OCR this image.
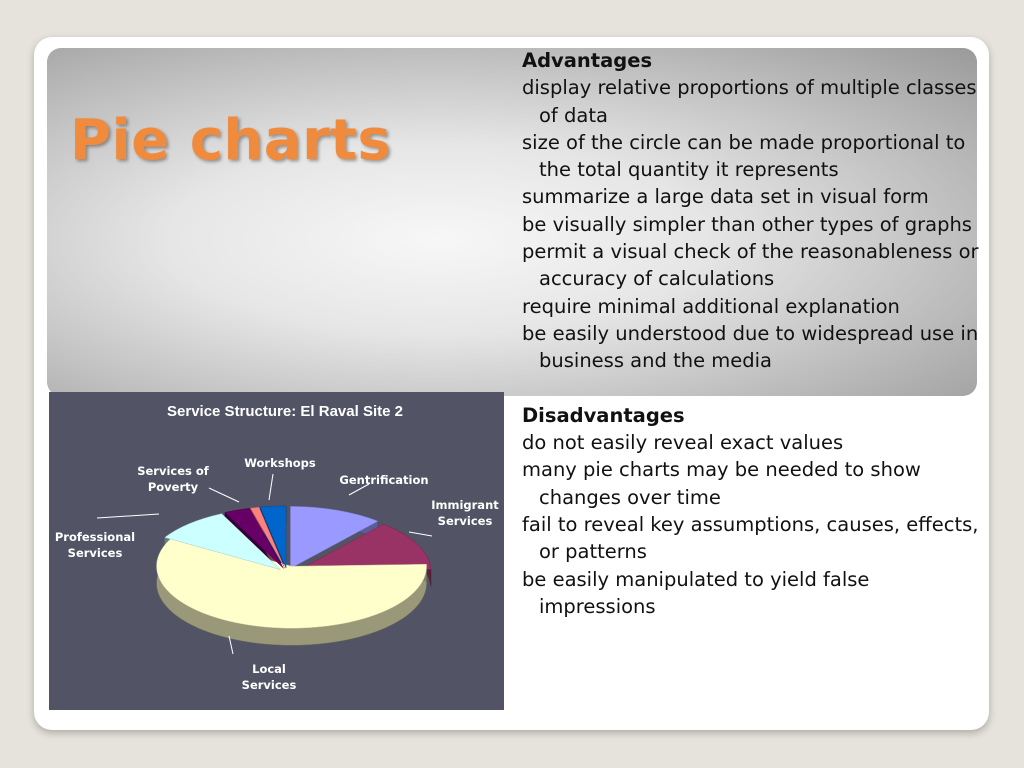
Pie charts
Advantages
display relative proportions of multiple classes of data
size of the circle can be made proportional to the total quantity it represents
summarize a large data set in visual form
be visually simpler than other types of graphs
permit a visual check of the reasonableness or accuracy of calculations
require minimal additional explanation
be easily understood due to widespread use in business and the media
Disadvantages
do not easily reveal exact values
many pie charts may be needed to show changes over time
fail to reveal key assumptions, causes, effects, or patterns
be easily manipulated to yield false impressions
Service Structure: El Raval Site 2
Gentrification
Immigrant Services
Local Services
Professional Services
Services of Poverty
Workshops
